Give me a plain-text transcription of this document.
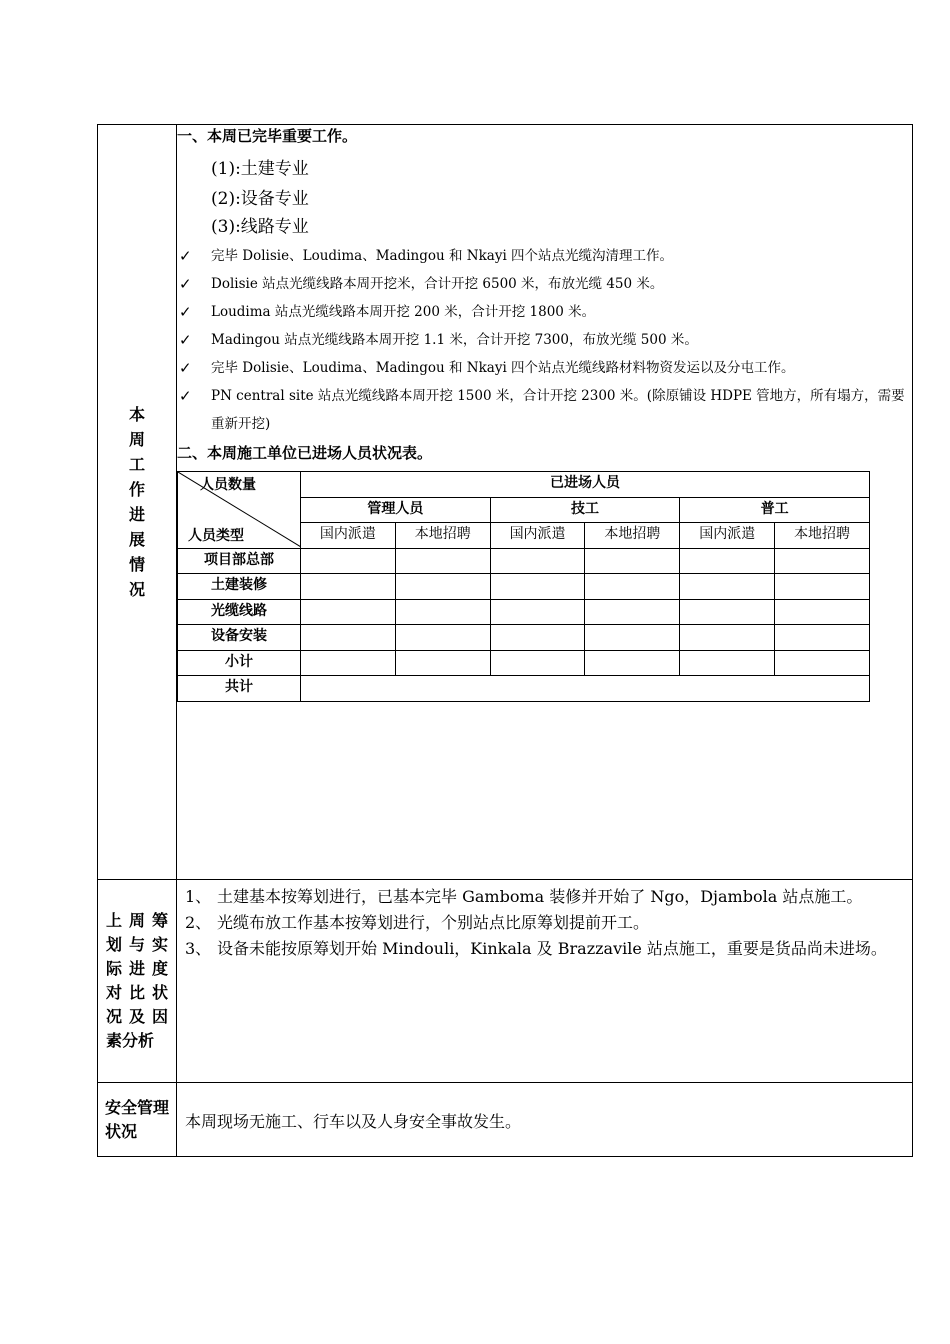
本周工作进展情况	
一、本周已完毕重要工作。
(1):土建专业
(2):设备专业
(3):线路专业
✓ 完毕 Dolisie、Loudima、Madingou 和 Nkayi 四个站点光缆沟清理工作。
✓ Dolisie 站点光缆线路本周开挖米，合计开挖 6500 米，布放光缆 450 米。
✓ Loudima 站点光缆线路本周开挖 200 米，合计开挖 1800 米。
✓ Madingou 站点光缆线路本周开挖 1.1 米，合计开挖 7300，布放光缆 500 米。
✓ 完毕 Dolisie、Loudima、Madingou 和 Nkayi 四个站点光缆线路材料物资发运以及分屯工作。
✓ PN central site 站点光缆线路本周开挖 1500 米，合计开挖 2300 米。(除原铺设 HDPE 管地方，所有塌方，需要重新开挖)
二、本周施工单位已进场人员状况表。
人员数量
人员类型
	已进场人员
管理人员	技工	普工
国内派遣	本地招聘	国内派遣	本地招聘	国内派遣	本地招聘
项目部总部						
土建装修						
光缆线路						
设备安装						
小计						
共计	

上周筹划与实际进度对比状况及因素分析	
1、 土建基本按筹划进行，已基本完毕 Gamboma 装修并开始了 Ngo，Djambola 站点施工。
2、 光缆布放工作基本按筹划进行，个别站点比原筹划提前开工。
3、 设备未能按原筹划开始 Mindouli，Kinkala 及 Brazzavile 站点施工，重要是货品尚未进场。

安全管理状况	本周现场无施工、行车以及人身安全事故发生。
